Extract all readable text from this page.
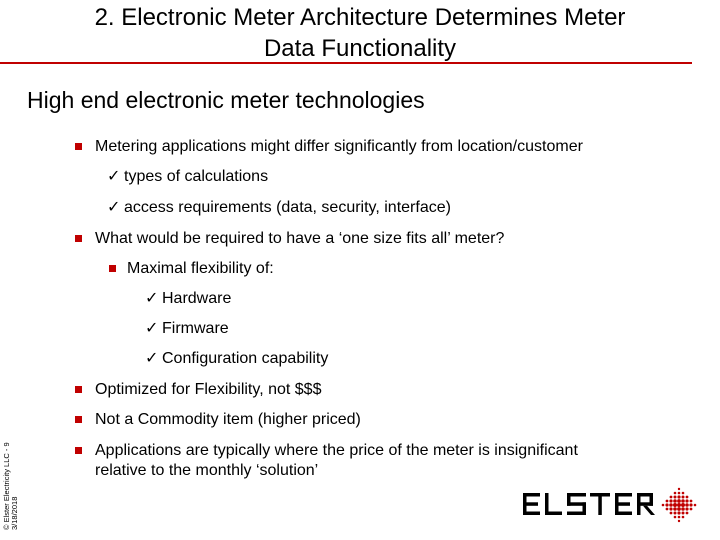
2. Electronic Meter Architecture Determines Meter
Data Functionality
High end electronic meter technologies
Metering applications might differ significantly from location/customer
✓ types of calculations
✓ access requirements (data, security, interface)
What would be required to have a ‘one size fits all’ meter?
Maximal flexibility of:
✓ Hardware
✓ Firmware
✓ Configuration capability
Optimized for Flexibility, not $$$
Not a Commodity item (higher priced)
Applications are typically where the price of the meter is insignificant
relative to the monthly ‘solution’
© Elster Electricity LLC - 9 3/18/2018
